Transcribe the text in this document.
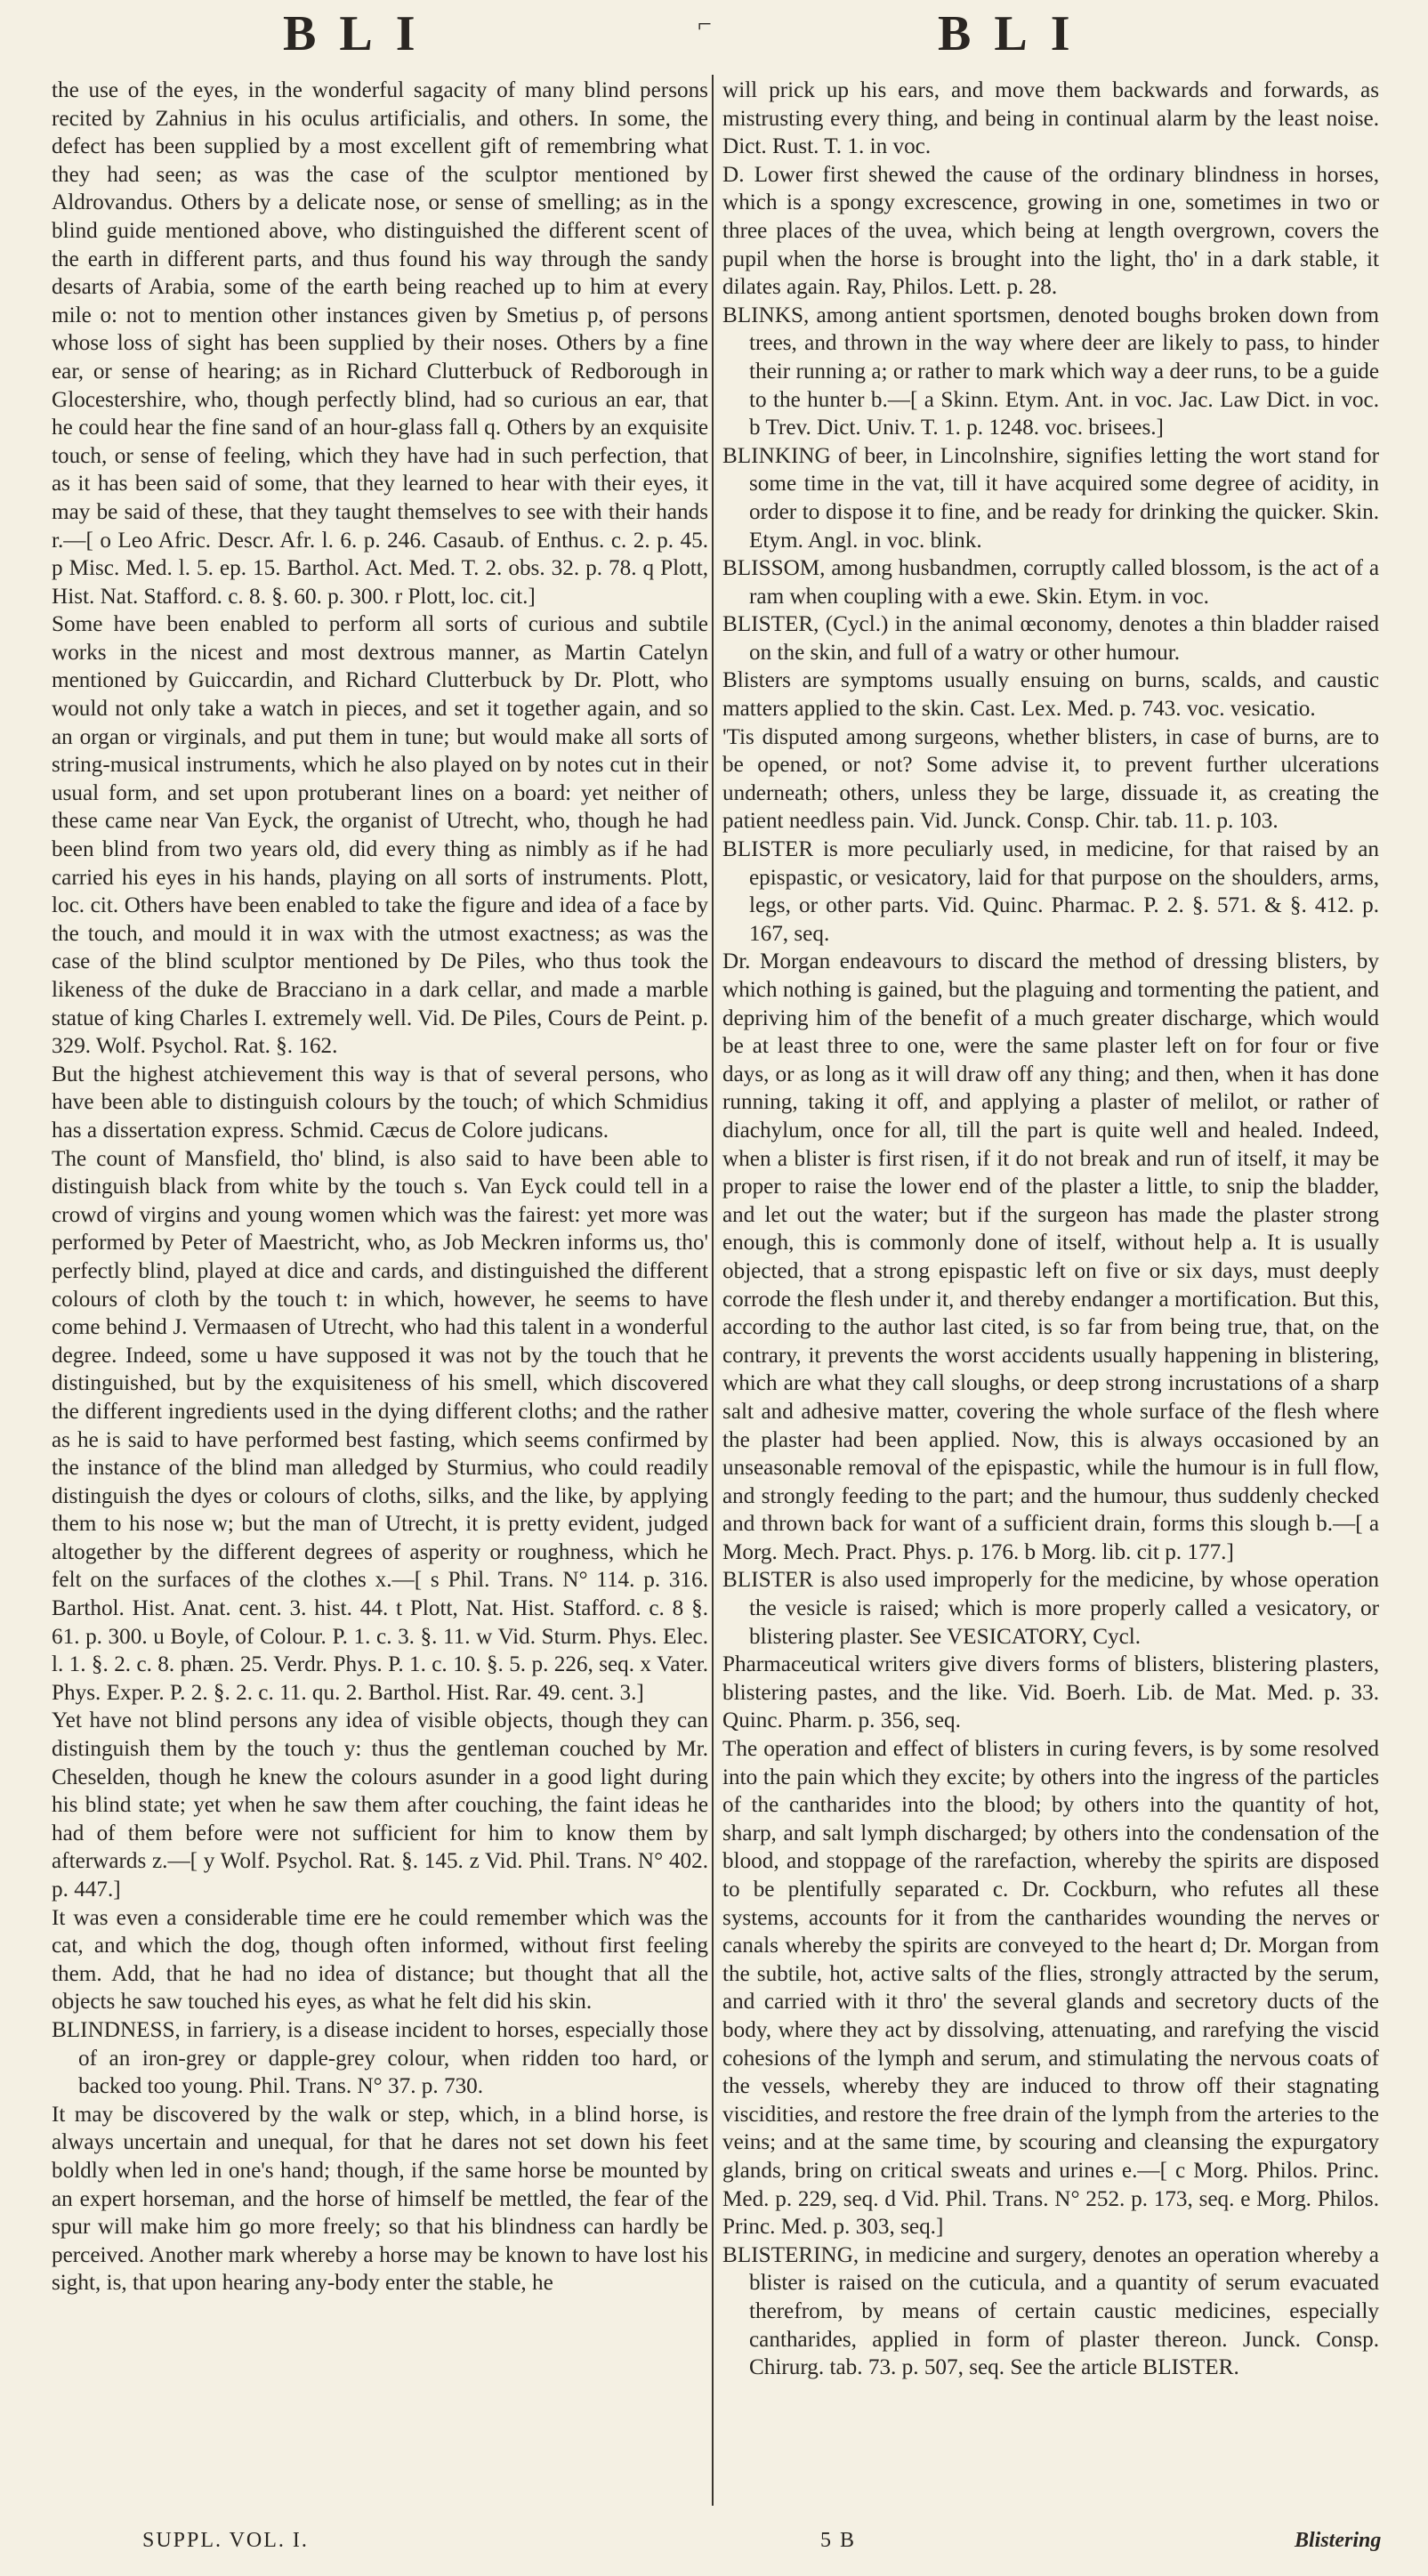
BLI	⌐	BLI

the use of the eyes, in the wonderful sagacity of many blind persons recited by Zahnius in his oculus artificialis, and others. In some, the defect has been supplied by a most excellent gift of remembring what they had seen; as was the case of the sculptor mentioned by Aldrovandus. Others by a delicate nose, or sense of smelling; as in the blind guide mentioned above, who distinguished the different scent of the earth in different parts, and thus found his way through the sandy desarts of Arabia, some of the earth being reached up to him at every mile o: not to mention other instances given by Smetius p, of persons whose loss of sight has been supplied by their noses. Others by a fine ear, or sense of hearing; as in Richard Clutterbuck of Redborough in Glocestershire, who, though perfectly blind, had so curious an ear, that he could hear the fine sand of an hour-glass fall q. Others by an exquisite touch, or sense of feeling, which they have had in such perfection, that as it has been said of some, that they learned to hear with their eyes, it may be said of these, that they taught themselves to see with their hands r.—[ o Leo Afric. Descr. Afr. l. 6. p. 246. Casaub. of Enthus. c. 2. p. 45. p Misc. Med. l. 5. ep. 15. Barthol. Act. Med. T. 2. obs. 32. p. 78. q Plott, Hist. Nat. Stafford. c. 8. §. 60. p. 300. r Plott, loc. cit.]

Some have been enabled to perform all sorts of curious and subtile works in the nicest and most dextrous manner, as Martin Catelyn mentioned by Guiccardin, and Richard Clutterbuck by Dr. Plott, who would not only take a watch in pieces, and set it together again, and so an organ or virginals, and put them in tune; but would make all sorts of string-musical instruments, which he also played on by notes cut in their usual form, and set upon protuberant lines on a board: yet neither of these came near Van Eyck, the organist of Utrecht, who, though he had been blind from two years old, did every thing as nimbly as if he had carried his eyes in his hands, playing on all sorts of instruments. Plott, loc. cit. Others have been enabled to take the figure and idea of a face by the touch, and mould it in wax with the utmost exactness; as was the case of the blind sculptor mentioned by De Piles, who thus took the likeness of the duke de Bracciano in a dark cellar, and made a marble statue of king Charles I. extremely well. Vid. De Piles, Cours de Peint. p. 329. Wolf. Psychol. Rat. §. 162.

But the highest atchievement this way is that of several persons, who have been able to distinguish colours by the touch; of which Schmidius has a dissertation express. Schmid. Cæcus de Colore judicans.

The count of Mansfield, tho' blind, is also said to have been able to distinguish black from white by the touch s. Van Eyck could tell in a crowd of virgins and young women which was the fairest: yet more was performed by Peter of Maestricht, who, as Job Meckren informs us, tho' perfectly blind, played at dice and cards, and distinguished the different colours of cloth by the touch t: in which, however, he seems to have come behind J. Vermaasen of Utrecht, who had this talent in a wonderful degree. Indeed, some u have supposed it was not by the touch that he distinguished, but by the exquisiteness of his smell, which discovered the different ingredients used in the dying different cloths; and the rather as he is said to have performed best fasting, which seems confirmed by the instance of the blind man alledged by Sturmius, who could readily distinguish the dyes or colours of cloths, silks, and the like, by applying them to his nose w; but the man of Utrecht, it is pretty evident, judged altogether by the different degrees of asperity or roughness, which he felt on the surfaces of the clothes x.—[ s Phil. Trans. N° 114. p. 316. Barthol. Hist. Anat. cent. 3. hist. 44. t Plott, Nat. Hist. Stafford. c. 8 §. 61. p. 300. u Boyle, of Colour. P. 1. c. 3. §. 11. w Vid. Sturm. Phys. Elec. l. 1. §. 2. c. 8. phæn. 25. Verdr. Phys. P. 1. c. 10. §. 5. p. 226, seq. x Vater. Phys. Exper. P. 2. §. 2. c. 11. qu. 2. Barthol. Hist. Rar. 49. cent. 3.]

Yet have not blind persons any idea of visible objects, though they can distinguish them by the touch y: thus the gentleman couched by Mr. Cheselden, though he knew the colours asunder in a good light during his blind state; yet when he saw them after couching, the faint ideas he had of them before were not sufficient for him to know them by afterwards z.—[ y Wolf. Psychol. Rat. §. 145. z Vid. Phil. Trans. N° 402. p. 447.]

It was even a considerable time ere he could remember which was the cat, and which the dog, though often informed, without first feeling them. Add, that he had no idea of distance; but thought that all the objects he saw touched his eyes, as what he felt did his skin.

BLINDNESS, in farriery, is a disease incident to horses, especially those of an iron-grey or dapple-grey colour, when ridden too hard, or backed too young. Phil. Trans. N° 37. p. 730.

It may be discovered by the walk or step, which, in a blind horse, is always uncertain and unequal, for that he dares not set down his feet boldly when led in one's hand; though, if the same horse be mounted by an expert horseman, and the horse of himself be mettled, the fear of the spur will make him go more freely; so that his blindness can hardly be perceived. Another mark whereby a horse may be known to have lost his sight, is, that upon hearing any-body enter the stable, he

will prick up his ears, and move them backwards and forwards, as mistrusting every thing, and being in continual alarm by the least noise. Dict. Rust. T. 1. in voc.

D. Lower first shewed the cause of the ordinary blindness in horses, which is a spongy excrescence, growing in one, sometimes in two or three places of the uvea, which being at length overgrown, covers the pupil when the horse is brought into the light, tho' in a dark stable, it dilates again. Ray, Philos. Lett. p. 28.

BLINKS, among antient sportsmen, denoted boughs broken down from trees, and thrown in the way where deer are likely to pass, to hinder their running a; or rather to mark which way a deer runs, to be a guide to the hunter b.—[ a Skinn. Etym. Ant. in voc. Jac. Law Dict. in voc. b Trev. Dict. Univ. T. 1. p. 1248. voc. brisees.]

BLINKING of beer, in Lincolnshire, signifies letting the wort stand for some time in the vat, till it have acquired some degree of acidity, in order to dispose it to fine, and be ready for drinking the quicker. Skin. Etym. Angl. in voc. blink.

BLISSOM, among husbandmen, corruptly called blossom, is the act of a ram when coupling with a ewe. Skin. Etym. in voc.

BLISTER, (Cycl.) in the animal œconomy, denotes a thin bladder raised on the skin, and full of a watry or other humour.

Blisters are symptoms usually ensuing on burns, scalds, and caustic matters applied to the skin. Cast. Lex. Med. p. 743. voc. vesicatio.

'Tis disputed among surgeons, whether blisters, in case of burns, are to be opened, or not? Some advise it, to prevent further ulcerations underneath; others, unless they be large, dissuade it, as creating the patient needless pain. Vid. Junck. Consp. Chir. tab. 11. p. 103.

BLISTER is more peculiarly used, in medicine, for that raised by an epispastic, or vesicatory, laid for that purpose on the shoulders, arms, legs, or other parts. Vid. Quinc. Pharmac. P. 2. §. 571. & §. 412. p. 167, seq.

Dr. Morgan endeavours to discard the method of dressing blisters, by which nothing is gained, but the plaguing and tormenting the patient, and depriving him of the benefit of a much greater discharge, which would be at least three to one, were the same plaster left on for four or five days, or as long as it will draw off any thing; and then, when it has done running, taking it off, and applying a plaster of melilot, or rather of diachylum, once for all, till the part is quite well and healed. Indeed, when a blister is first risen, if it do not break and run of itself, it may be proper to raise the lower end of the plaster a little, to snip the bladder, and let out the water; but if the surgeon has made the plaster strong enough, this is commonly done of itself, without help a. It is usually objected, that a strong epispastic left on five or six days, must deeply corrode the flesh under it, and thereby endanger a mortification. But this, according to the author last cited, is so far from being true, that, on the contrary, it prevents the worst accidents usually happening in blistering, which are what they call sloughs, or deep strong incrustations of a sharp salt and adhesive matter, covering the whole surface of the flesh where the plaster had been applied. Now, this is always occasioned by an unseasonable removal of the epispastic, while the humour is in full flow, and strongly feeding to the part; and the humour, thus suddenly checked and thrown back for want of a sufficient drain, forms this slough b.—[ a Morg. Mech. Pract. Phys. p. 176. b Morg. lib. cit p. 177.]

BLISTER is also used improperly for the medicine, by whose operation the vesicle is raised; which is more properly called a vesicatory, or blistering plaster. See VESICATORY, Cycl.

Pharmaceutical writers give divers forms of blisters, blistering plasters, blistering pastes, and the like. Vid. Boerh. Lib. de Mat. Med. p. 33. Quinc. Pharm. p. 356, seq.

The operation and effect of blisters in curing fevers, is by some resolved into the pain which they excite; by others into the ingress of the particles of the cantharides into the blood; by others into the quantity of hot, sharp, and salt lymph discharged; by others into the condensation of the blood, and stoppage of the rarefaction, whereby the spirits are disposed to be plentifully separated c. Dr. Cockburn, who refutes all these systems, accounts for it from the cantharides wounding the nerves or canals whereby the spirits are conveyed to the heart d; Dr. Morgan from the subtile, hot, active salts of the flies, strongly attracted by the serum, and carried with it thro' the several glands and secretory ducts of the body, where they act by dissolving, attenuating, and rarefying the viscid cohesions of the lymph and serum, and stimulating the nervous coats of the vessels, whereby they are induced to throw off their stagnating viscidities, and restore the free drain of the lymph from the arteries to the veins; and at the same time, by scouring and cleansing the expurgatory glands, bring on critical sweats and urines e.—[ c Morg. Philos. Princ. Med. p. 229, seq. d Vid. Phil. Trans. N° 252. p. 173, seq. e Morg. Philos. Princ. Med. p. 303, seq.]

BLISTERING, in medicine and surgery, denotes an operation whereby a blister is raised on the cuticula, and a quantity of serum evacuated therefrom, by means of certain caustic medicines, especially cantharides, applied in form of plaster thereon. Junck. Consp. Chirurg. tab. 73. p. 507, seq. See the article BLISTER.

SUPPL. VOL. I.	5 B	Blistering
